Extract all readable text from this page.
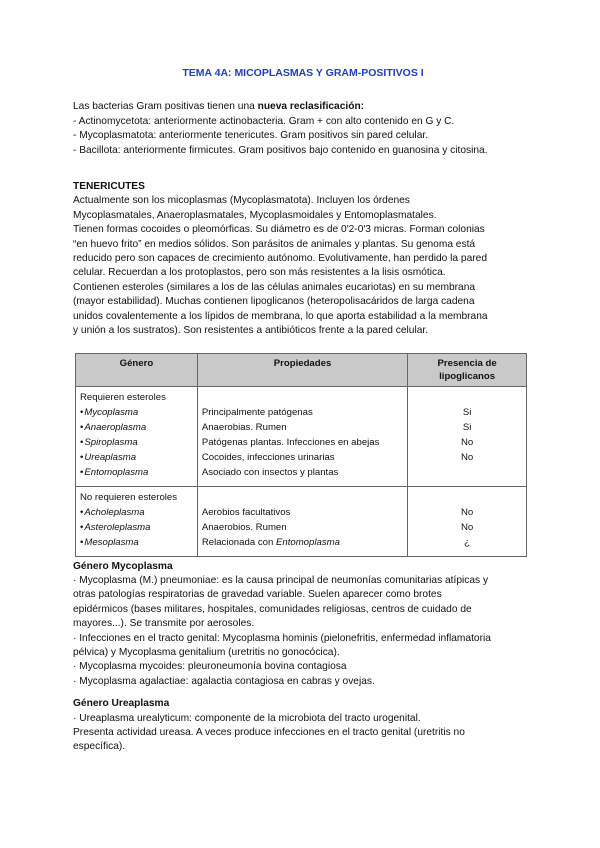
TEMA 4A: MICOPLASMAS Y GRAM-POSITIVOS I

Las bacterias Gram positivas tienen una nueva reclasificación:

- Actinomycetota: anteriormente actinobacteria. Gram + con alto contenido en G y C.

- Mycoplasmatota: anteriormente tenericutes. Gram positivos sin pared celular.

- Bacillota: anteriormente firmicutes. Gram positivos bajo contenido en guanosina y citosina.

TENERICUTES

Actualmente son los micoplasmas (Mycoplasmatota). Incluyen los órdenes

Mycoplasmatales, Anaeroplasmatales, Mycoplasmoidales y Entomoplasmatales.

Tienen formas cocoides o pleomórficas. Su diámetro es de 0'2-0'3 micras. Forman colonias

“en huevo frito” en medios sólidos. Son parásitos de animales y plantas. Su genoma está

reducido pero son capaces de crecimiento autónomo. Evolutivamente, han perdido la pared

celular. Recuerdan a los protoplastos, pero son más resistentes a la lisis osmótica.

Contienen esteroles (similares a los de las células animales eucariotas) en su membrana

(mayor estabilidad). Muchas contienen lipoglicanos (heteropolisacáridos de larga cadena

unidos covalentemente a los lípidos de membrana, lo que aporta estabilidad a la membrana

y unión a los sustratos). Son resistentes a antibióticos frente a la pared celular.

Género	Propiedades	Presencia de lipoglicanos
Requieren esteroles		
• Mycoplasma	Principalmente patógenas	Si
• Anaeroplasma	Anaerobias. Rumen	Si
• Spiroplasma	Patógenas plantas. Infecciones en abejas	No
• Ureaplasma	Cocoides, infecciones urinarias	No
• Entomoplasma	Asociado con insectos y plantas	
No requieren esteroles		
• Acholeplasma	Aerobios facultativos	No
• Asteroleplasma	Anaerobios. Rumen	No
• Mesoplasma	Relacionada con Entomoplasma	¿

Género Mycoplasma

· Mycoplasma (M.) pneumoniae: es la causa principal de neumonías comunitarias atípicas y

otras patologías respiratorias de gravedad variable. Suelen aparecer como brotes

epidérmicos (bases militares, hospitales, comunidades religiosas, centros de cuidado de

mayores...). Se transmite por aerosoles.

· Infecciones en el tracto genital: Mycoplasma hominis (pielonefritis, enfermedad inflamatoria

pélvica) y Mycoplasma genitalium (uretritis no gonocócica).

· Mycoplasma mycoides: pleuroneumonía bovina contagiosa

· Mycoplasma agalactiae: agalactia contagiosa en cabras y ovejas.

Género Ureaplasma

· Ureaplasma urealyticum: componente de la microbiota del tracto urogenital.

Presenta actividad ureasa. A veces produce infecciones en el tracto genital (uretritis no

específica).
